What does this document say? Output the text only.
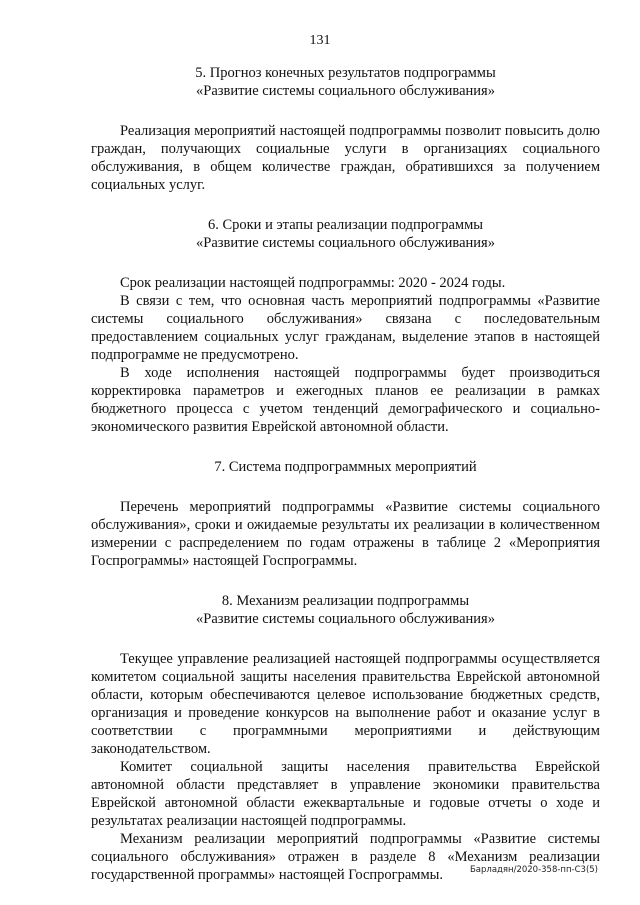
131
5. Прогноз конечных результатов подпрограммы
«Развитие системы социального обслуживания»

Реализация мероприятий настоящей подпрограммы позволит повысить долю граждан, получающих социальные услуги в организациях социального обслуживания, в общем количестве граждан, обратившихся за получением социальных услуг.

6. Сроки и этапы реализации подпрограммы
«Развитие системы социального обслуживания»

Срок реализации настоящей подпрограммы: 2020 - 2024 годы.

В связи с тем, что основная часть мероприятий подпрограммы «Развитие системы социального обслуживания» связана с последовательным предоставлением социальных услуг гражданам, выделение этапов в настоящей подпрограмме не предусмотрено.

В ходе исполнения настоящей подпрограммы будет производиться корректировка параметров и ежегодных планов ее реализации в рамках бюджетного процесса с учетом тенденций демографического и социально-экономического развития Еврейской автономной области.

7. Система подпрограммных мероприятий

Перечень мероприятий подпрограммы «Развитие системы социального обслуживания», сроки и ожидаемые результаты их реализации в количественном измерении с распределением по годам отражены в таблице 2 «Мероприятия Госпрограммы» настоящей Госпрограммы.

8. Механизм реализации подпрограммы
«Развитие системы социального обслуживания»

Текущее управление реализацией настоящей подпрограммы осуществляется комитетом социальной защиты населения правительства Еврейской автономной области, которым обеспечиваются целевое использование бюджетных средств, организация и проведение конкурсов на выполнение работ и оказание услуг в соответствии с программными мероприятиями и действующим законодательством.

Комитет социальной защиты населения правительства Еврейской автономной области представляет в управление экономики правительства Еврейской автономной области ежеквартальные и годовые отчеты о ходе и результатах реализации настоящей подпрограммы.

Механизм реализации мероприятий подпрограммы «Развитие системы социального обслуживания» отражен в разделе 8 «Механизм реализации государственной программы» настоящей Госпрограммы.	Барладян/2020-358-пп-С3(5)
